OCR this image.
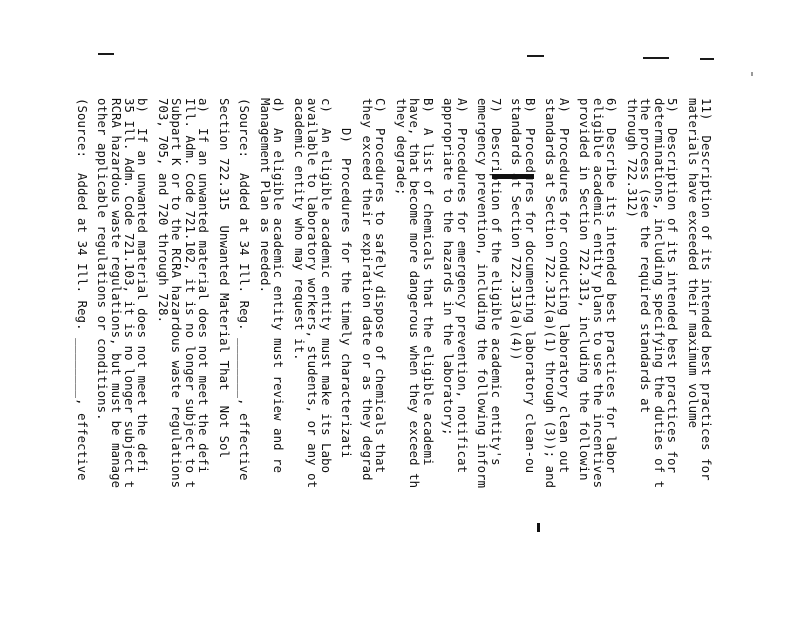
11)  Description of its intended best practices for
materials have exceeded their maximum volume
5)  Description of its intended best practices for
determinations, including specifying the duties of t
the process (see the required standards at
through 722.312)
6)  Describe its intended best practices for labor
eligible academic entity plans to use the incentives
provided in Section 722.313, including the followin
A)  Procedures for conducting laboratory clean out
standards at Section 722.312(a)(1) through (3)); and
B)  Procedures for documenting laboratory clean-ou
standards at Section 722.313(a)(4))
7)  Description of the eligible academic entity's
emergency prevention, including the following inform
A)  Procedures for emergency prevention, notificat
appropriate to the hazards in the laboratory;
B)  A list of chemicals that the eligible academi
have, that become more dangerous when they exceed th
they degrade;
C)  Procedures to safely dispose of chemicals that
they exceed their expiration date or as they degrad
D)  Procedures for the timely characterizati
c)  An eligible academic entity must make its Labo
available to laboratory workers, students, or any ot
academic entity who may request it.
d)  An eligible academic entity must review and re
Management Plan as needed.
(Source:  Added at 34 Ill. Reg. ________, effective
Section 722.315  Unwanted Material That  Not Sol
a)  If an unwanted material does not meet the defi
Ill. Adm. Code 721.102, it is no longer subject to t
Subpart K or to the RCRA hazardous waste regulations
703, 705, and 720 through 728.
b)  If an unwanted material does not meet the defi
35 Ill. Adm. Code 721.103, it is no longer subject t
RCRA hazardous waste regulations, but must be manage
other applicable regulations or conditions.
(Source:  Added at 34 Ill. Reg. ________, effective
